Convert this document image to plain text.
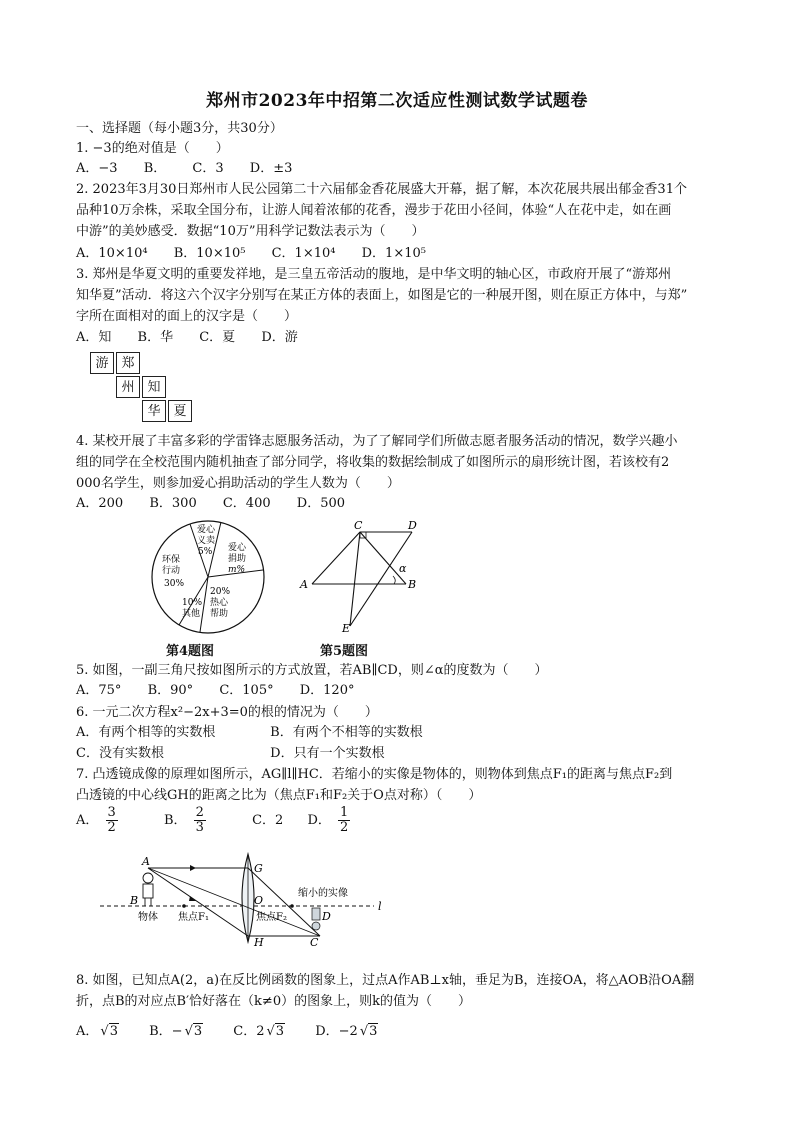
郑州市2023年中招第二次适应性测试数学试题卷
一、选择题（每小题3分，共30分）
1. −3的绝对值是（　　）
A．−3 B． C．3 D．±3
2. 2023年3月30日郑州市人民公园第二十六届郁金香花展盛大开幕，据了解，本次花展共展出郁金香31个
品种10万余株，采取全国分布，让游人闻着浓郁的花香，漫步于花田小径间，体验“人在花中走，如在画
中游”的美妙感受．数据“10万”用科学记数法表示为（　　）
A．10×10⁴ B．10×10⁵ C．1×10⁴ D．1×10⁵
3. 郑州是华夏文明的重要发祥地，是三皇五帝活动的腹地，是中华文明的轴心区，市政府开展了“游郑州
知华夏”活动．将这六个汉字分别写在某正方体的表面上，如图是它的一种展开图，则在原正方体中，与郑”
字所在面相对的面上的汉字是（　　）
A．知 B．华 C．夏 D．游
游 郑
州 知
华 夏
4. 某校开展了丰富多彩的学雷锋志愿服务活动，为了了解同学们所做志愿者服务活动的情况，数学兴趣小
组的同学在全校范围内随机抽查了部分同学，将收集的数据绘制成了如图所示的扇形统计图，若该校有2
000名学生，则参加爱心捐助活动的学生人数为（　　）
A．200 B．300 C．400 D．500
爱心
义卖
5% 爱心
捐助
m%
20%
热心
帮助
10%
其他
环保
行动
30%
第4题图
C	D
A	B
E
α
第5题图
5. 如图，一副三角尺按如图所示的方式放置，若AB∥CD，则∠α的度数为（　　）
A．75° B．90° C．105° D．120°
6. 一元二次方程x²−2x+3=0的根的情况为（　　）
A．有两个相等的实数根	B．有两个不相等的实数根
C．没有实数根	D．只有一个实数根
7. 凸透镜成像的原理如图所示，AG∥l∥HC．若缩小的实像是物体的，则物体到焦点F₁的距离与焦点F₂到
凸透镜的中心线GH的距离之比为（焦点F₁和F₂关于O点对称）（　　）
A． $\frac{3}{2}$ B． $\frac{2}{3}$ C．2 D． $\frac{1}{2}$
A
B
G
O
H	C
D
l
物体 焦点F₁	焦点F₂
缩小的实像
8. 如图，已知点A(2，a)在反比例函数的图象上，过点A作AB⊥x轴，垂足为B，连接OA，将△AOB沿OA翻
折，点B的对应点B′恰好落在（k≠0）的图象上，则k的值为（　　）
A． √3 B．− √3 C．2 √3 D．−2 √3
